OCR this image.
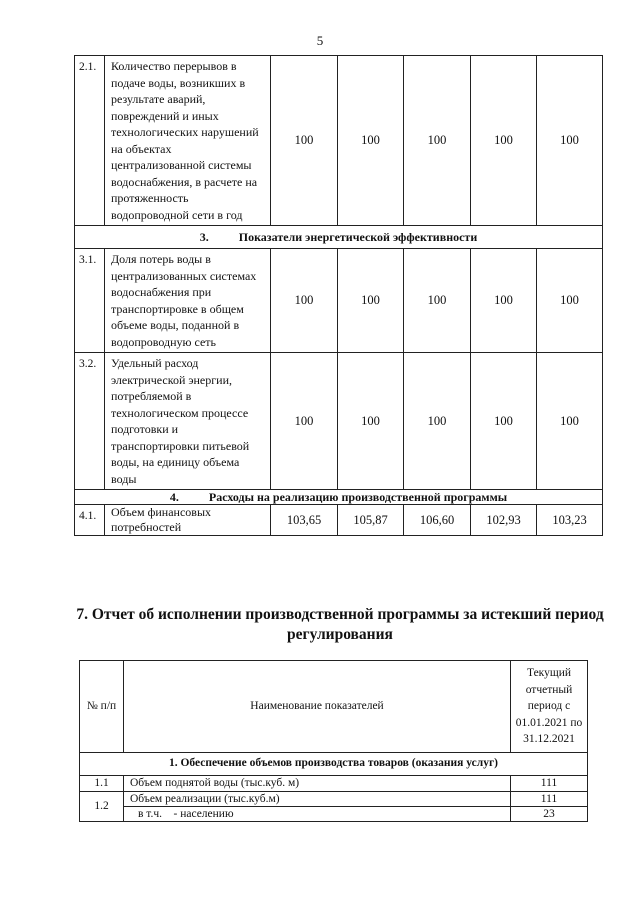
5
2.1.	Количество перерывов в подаче воды, возникших в результате аварий, повреждений и иных технологических нарушений на объектах централизованной системы водоснабжения, в расчете на протяженность водопроводной сети в год	100	100	100	100	100
3. Показатели энергетической эффективности						
3.1.	Доля потерь воды в централизованных системах водоснабжения при транспортировке в общем объеме воды, поданной в водопроводную сеть	100	100	100	100	100
3.2.	Удельный расход электрической энергии, потребляемой в технологическом процессе подготовки и транспортировки питьевой воды, на единицу объема воды	100	100	100	100	100
4. Расходы на реализацию производственной программы						
4.1.	Объем финансовых потребностей	103,65	105,87	106,60	102,93	103,23
7. Отчет об исполнении производственной программы за истекший период регулирования
№ п/п	Наименование показателей	Текущий отчетный период с 01.01.2021 по 31.12.2021
1. Обеспечение объемов производства товаров (оказания услуг)		
1.1	Объем поднятой воды (тыс.куб. м)	111
1.2	Объем реализации (тыс.куб.м)	111
	в т.ч.    - населению	23
